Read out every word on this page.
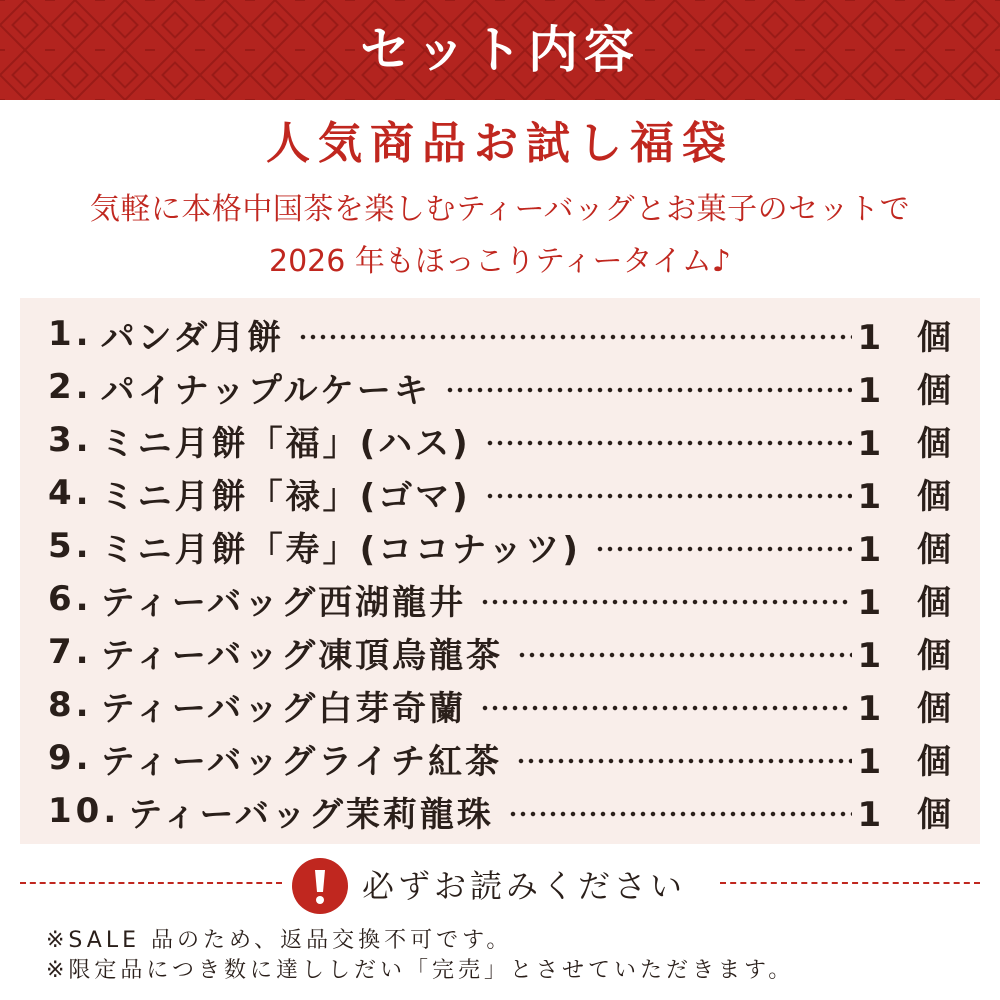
セット内容
人気商品お試し福袋
気軽に本格中国茶を楽しむティーバッグとお菓子のセットで
2026 年もほっこりティータイム♪
1. パンダ月餅	1 個
2. パイナップルケーキ	1 個
3. ミニ月餅「福」(ハス)	1 個
4. ミニ月餅「禄」(ゴマ)	1 個
5. ミニ月餅「寿」(ココナッツ)	1 個
6. ティーバッグ西湖龍井	1 個
7. ティーバッグ凍頂烏龍茶	1 個
8. ティーバッグ白芽奇蘭	1 個
9. ティーバッグライチ紅茶	1 個
10. ティーバッグ茉莉龍珠	1 個
必ずお読みください
※SALE 品のため、返品交換不可です。
※限定品につき数に達ししだい「完売」とさせていただきます。
